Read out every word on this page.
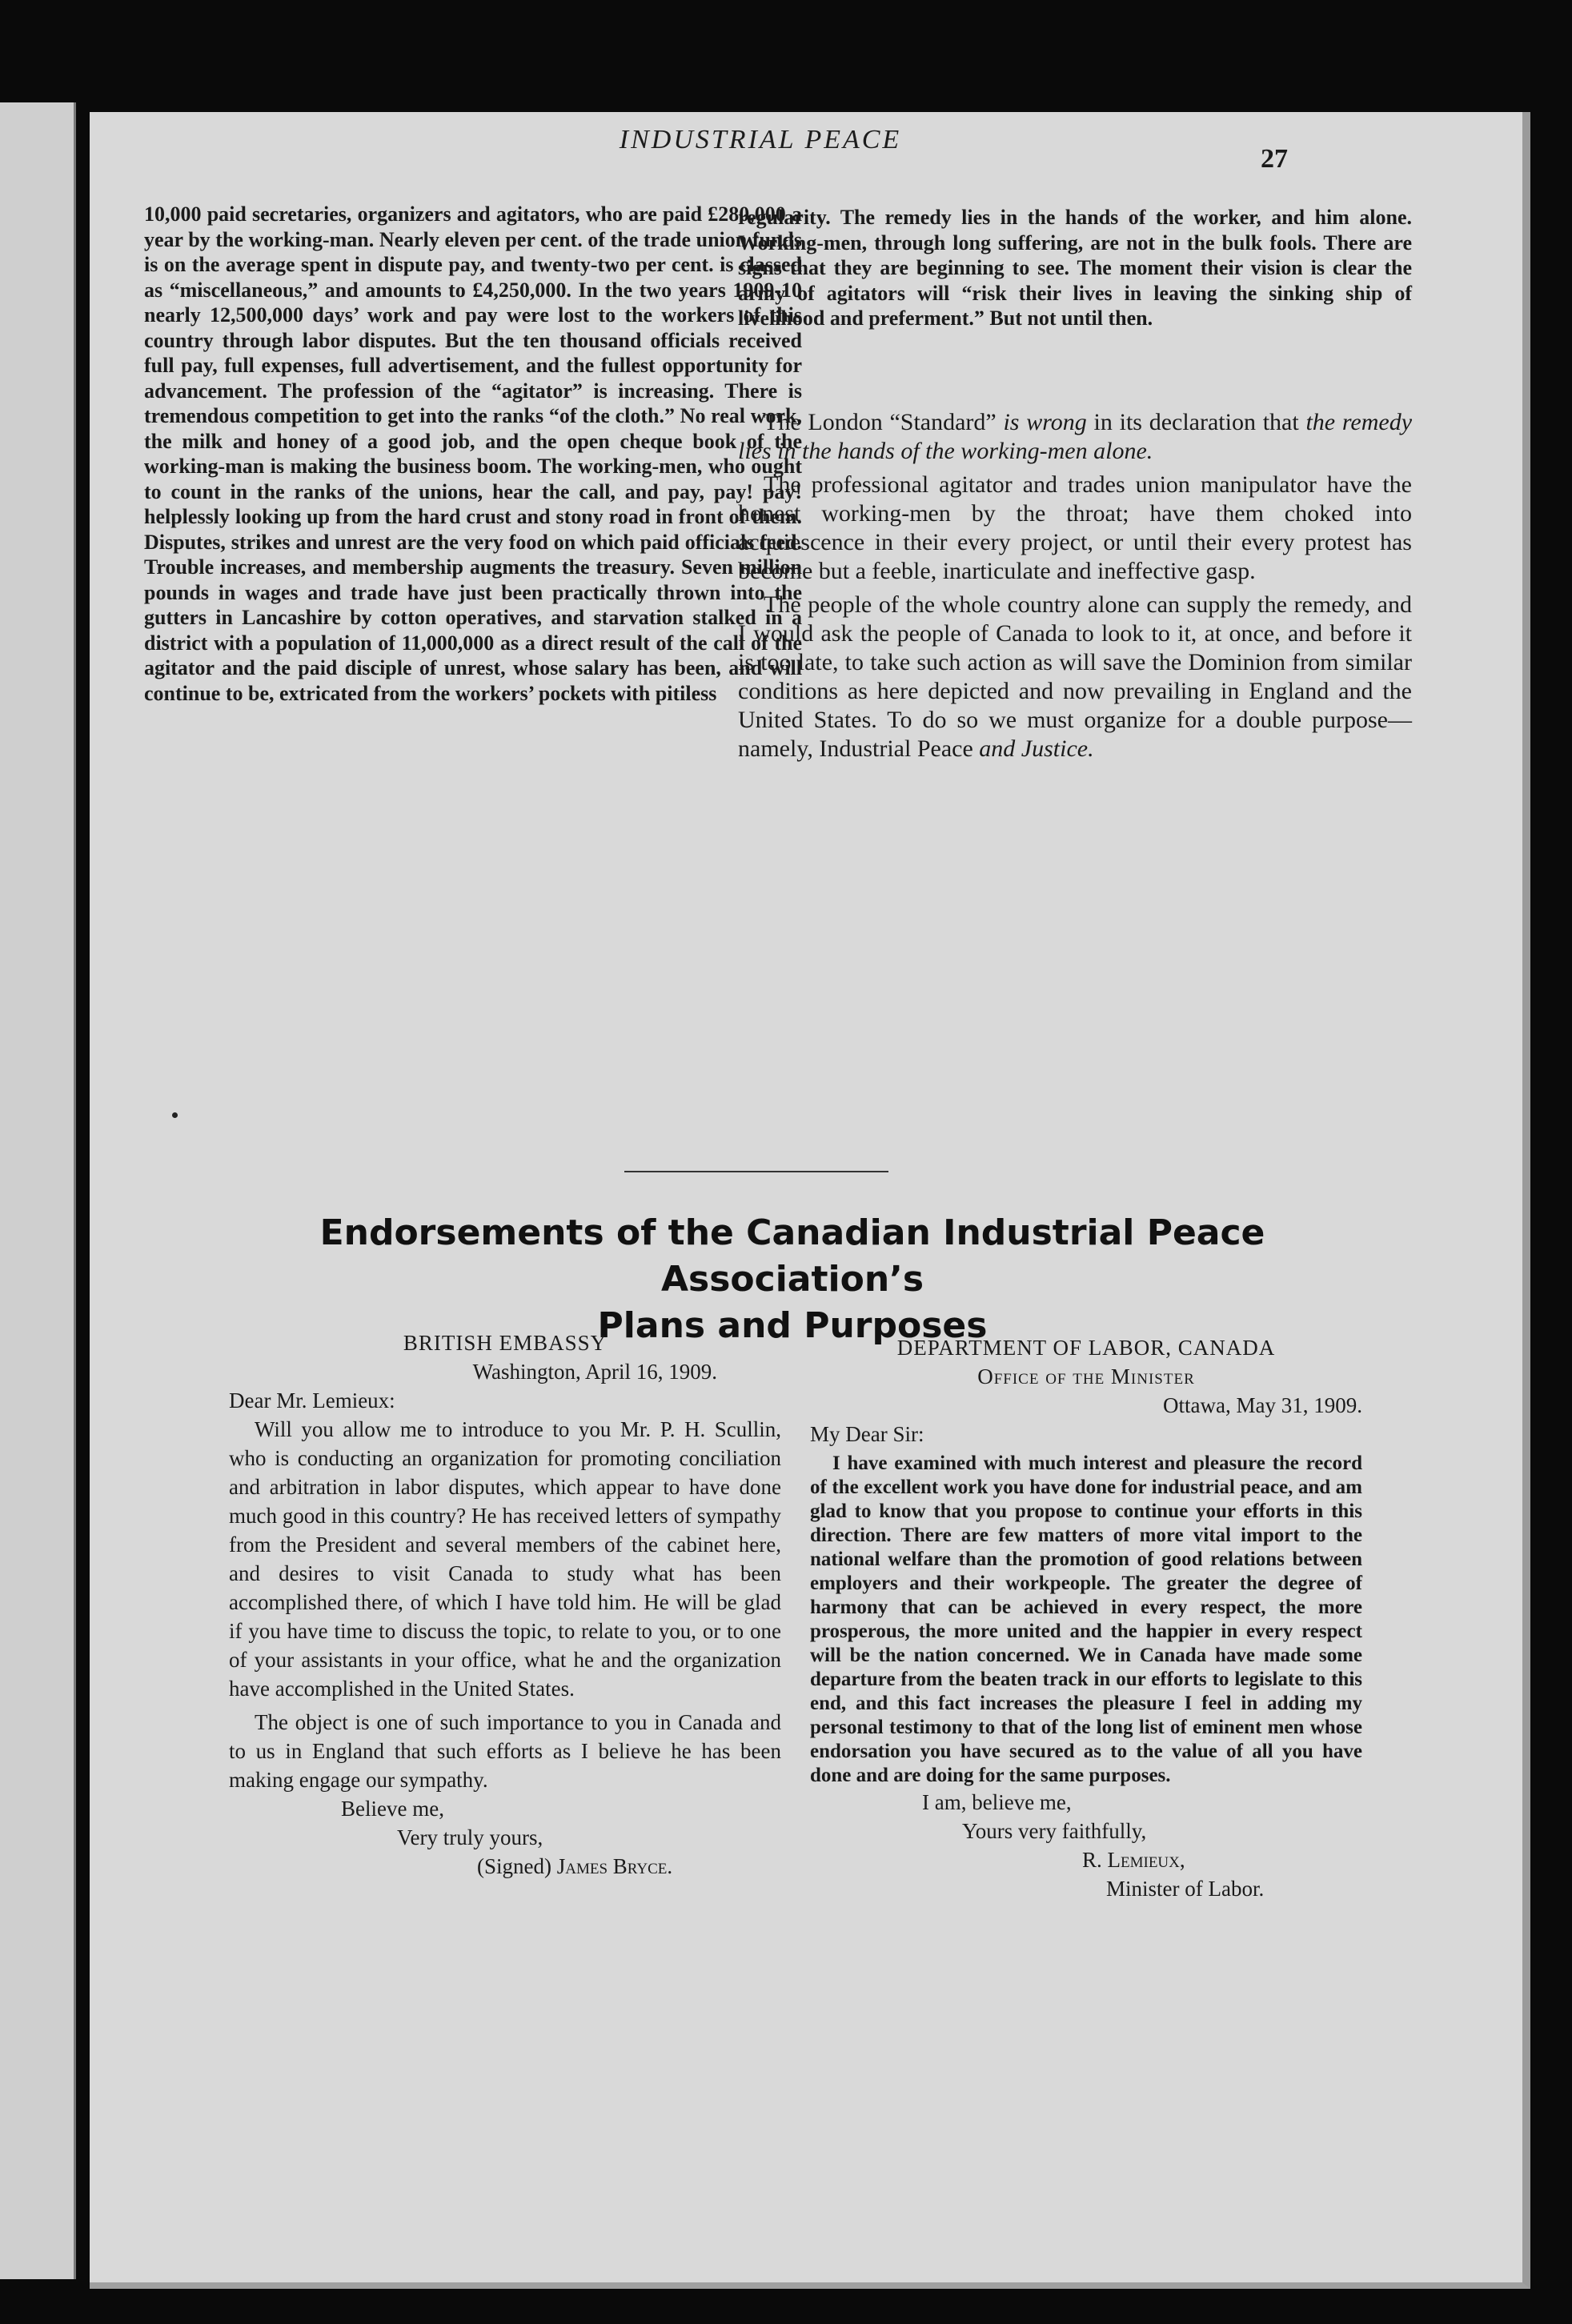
INDUSTRIAL PEACE
27

10,000 paid secretaries, organizers and agitators, who are paid £280,000 a year by the working-man. Nearly eleven per cent. of the trade union funds is on the average spent in dispute pay, and twenty-two per cent. is classed as “miscellaneous,” and amounts to £4,250,000. In the two years 1909-10 nearly 12,500,000 days’ work and pay were lost to the workers of this country through labor disputes. But the ten thousand officials received full pay, full expenses, full advertisement, and the fullest opportunity for advancement. The profession of the “agitator” is increasing. There is tremendous competition to get into the ranks “of the cloth.” No real work, the milk and honey of a good job, and the open cheque book of the working-man is making the business boom. The working-men, who ought to count in the ranks of the unions, hear the call, and pay, pay! pay! helplessly looking up from the hard crust and stony road in front of them. Disputes, strikes and unrest are the very food on which paid officials feed. Trouble increases, and membership augments the treasury. Seven million pounds in wages and trade have just been practically thrown into the gutters in Lancashire by cotton operatives, and starvation stalked in a district with a population of 11,000,000 as a direct result of the call of the agitator and the paid disciple of unrest, whose salary has been, and will continue to be, extricated from the workers’ pockets with pitiless

regularity. The remedy lies in the hands of the worker, and him alone. Working-men, through long suffering, are not in the bulk fools. There are signs that they are beginning to see. The moment their vision is clear the army of agitators will “risk their lives in leaving the sinking ship of livelihood and preferment.” But not until then.

The London “Standard” is wrong in its declaration that the remedy lies in the hands of the working-men alone.

The professional agitator and trades union manipulator have the honest working-men by the throat; have them choked into acquiescence in their every project, or until their every protest has become but a feeble, inarticulate and ineffective gasp.

The people of the whole country alone can supply the remedy, and I would ask the people of Canada to look to it, at once, and before it is too late, to take such action as will save the Dominion from similar conditions as here depicted and now prevailing in England and the United States. To do so we must organize for a double purpose—namely, Industrial Peace and Justice.

Endorsements of the Canadian Industrial Peace Association’s
Plans and Purposes

BRITISH EMBASSY

Washington, April 16, 1909.

Dear Mr. Lemieux:

Will you allow me to introduce to you Mr. P. H. Scullin, who is conducting an organization for promoting conciliation and arbitration in labor disputes, which appear to have done much good in this country? He has received letters of sympathy from the President and several members of the cabinet here, and desires to visit Canada to study what has been accomplished there, of which I have told him. He will be glad if you have time to discuss the topic, to relate to you, or to one of your assistants in your office, what he and the organization have accomplished in the United States.

The object is one of such importance to you in Canada and to us in England that such efforts as I believe he has been making engage our sympathy.

Believe me,

Very truly yours,

(Signed) James Bryce.

DEPARTMENT OF LABOR, CANADA

Office of the Minister

Ottawa, May 31, 1909.

My Dear Sir:

I have examined with much interest and pleasure the record of the excellent work you have done for industrial peace, and am glad to know that you propose to continue your efforts in this direction. There are few matters of more vital import to the national welfare than the promotion of good relations between employers and their workpeople. The greater the degree of harmony that can be achieved in every respect, the more prosperous, the more united and the happier in every respect will be the nation concerned. We in Canada have made some departure from the beaten track in our efforts to legislate to this end, and this fact increases the pleasure I feel in adding my personal testimony to that of the long list of eminent men whose endorsation you have secured as to the value of all you have done and are doing for the same purposes.

I am, believe me,

Yours very faithfully,

R. Lemieux,

Minister of Labor.
